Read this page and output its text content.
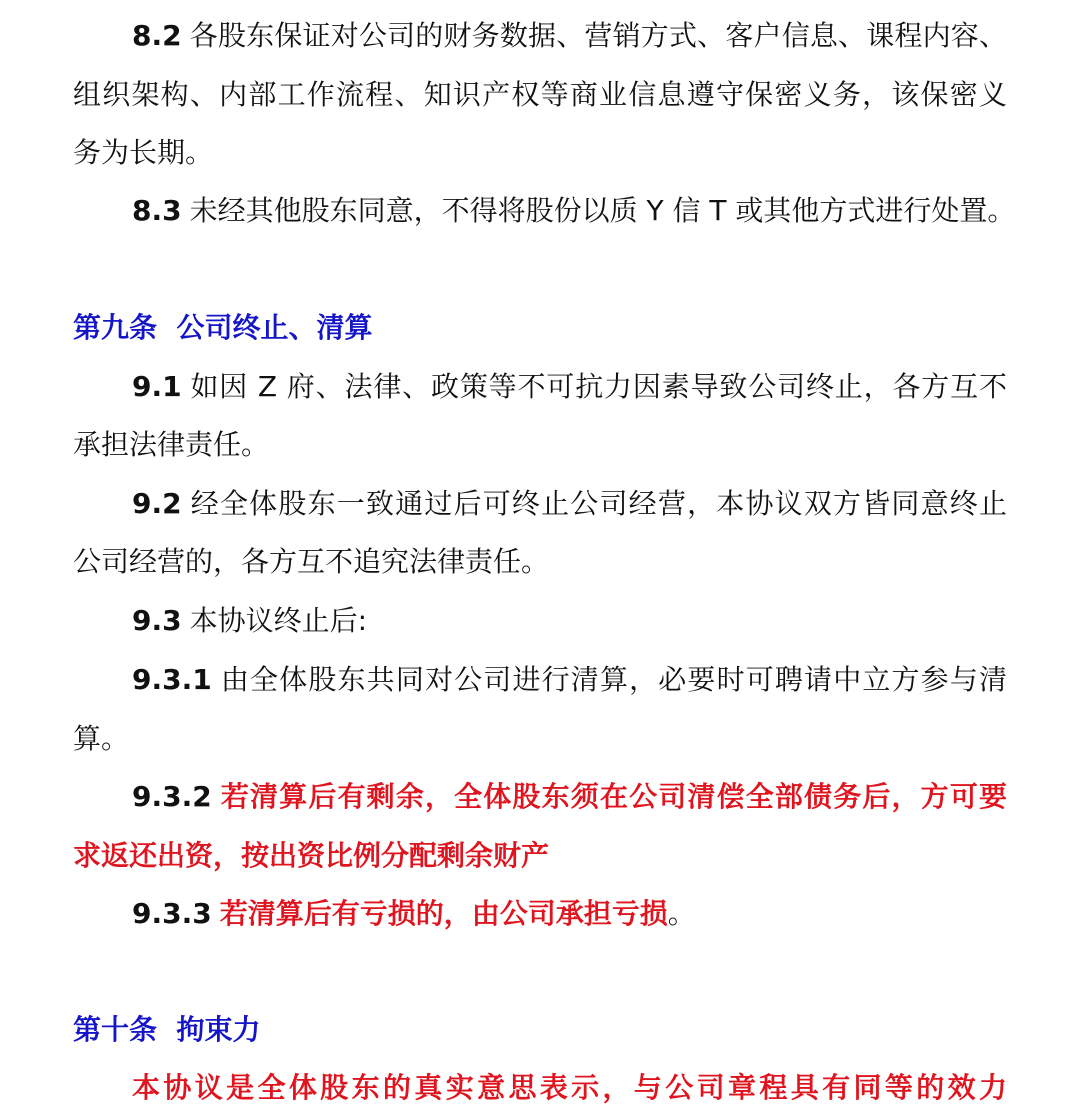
8.2 各股东保证对公司的财务数据、营销方式、客户信息、课程内容、
组织架构、内部工作流程、知识产权等商业信息遵守保密义务，该保密义
务为长期。
8.3 未经其他股东同意，不得将股份以质 Y 信 T 或其他方式进行处置。
第九条  公司终止、清算
9.1 如因 Z 府、法律、政策等不可抗力因素导致公司终止，各方互不
承担法律责任。
9.2 经全体股东一致通过后可终止公司经营，本协议双方皆同意终止
公司经营的，各方互不追究法律责任。
9.3 本协议终止后:
9.3.1 由全体股东共同对公司进行清算，必要时可聘请中立方参与清
算。
9.3.2 若清算后有剩余，全体股东须在公司清偿全部债务后，方可要
求返还出资，按出资比例分配剩余财产
9.3.3 若清算后有亏损的，由公司承担亏损。
第十条  拘束力
本协议是全体股东的真实意思表示，与公司章程具有同等的效力
